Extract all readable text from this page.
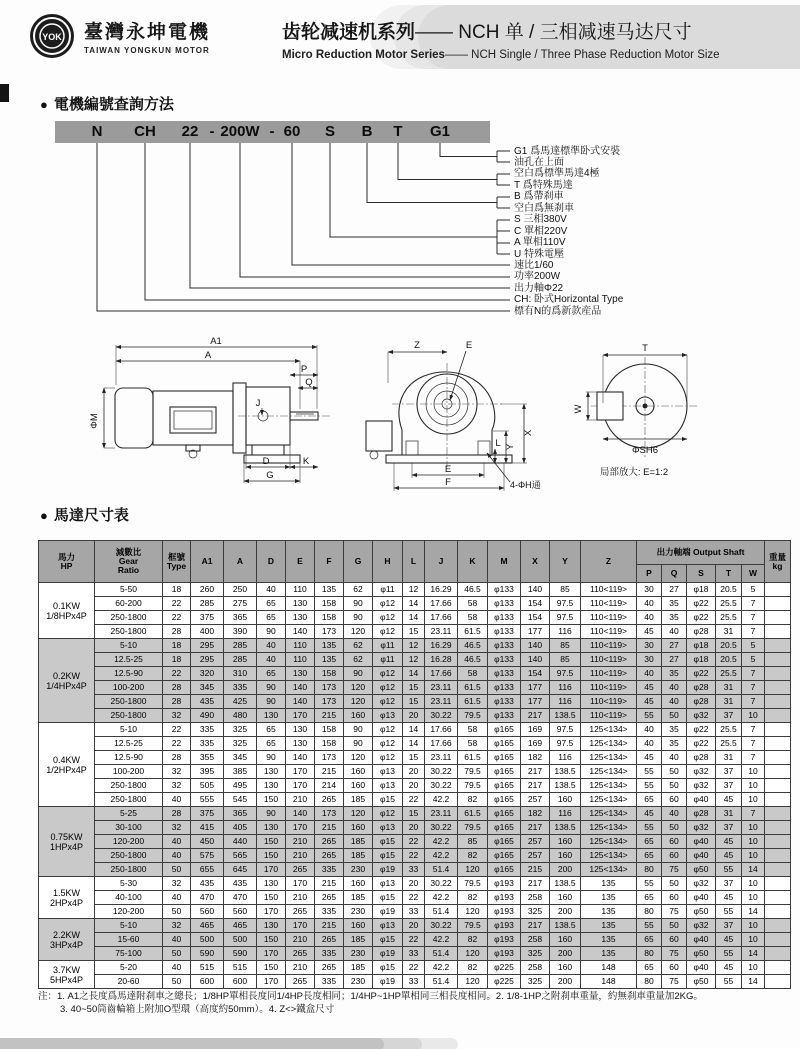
YOK 臺灣永坤電機
TAIWAN YONGKUN MOTOR
齿轮减速机系列—— NCH 单 / 三相减速马达尺寸
Micro Reduction Motor Series—— NCH Single / Three Phase Reduction Motor Size
● 電機編號查詢方法
N CH 22 - 200W - 60 S B T G1
G1 爲馬達標準卧式安裝
油孔在上面
空白爲標準馬達4極
T 爲特殊馬達
B 爲帶刹車
空白爲無刹車
S 三相380V
C 單相220V
A 單相110V
U 特殊電壓
速比1/60
功率200W
出力軸Φ22
CH: 卧式Horizontal Type
標有N的爲新款産品
A1
A
P
Q
ΦM
J
D	K
G
Z	E
X
Y
L
E
F	4-ΦH通
T
W
ΦSH6
局部放大: E=1:2
● 馬達尺寸表
馬力
HP

減數比
Gear
Ratio

框號
Type	A1	A	D	E	F	G	H	L	J	K	M	X	Y	Z

出力軸端 Output Shaft	重量
kg

																	P	Q	S	T	W	

0.1KW
1/8HPx4P	5-50	18	260	250	40	110	135	62	φ11	12	16.29	46.5	φ133	140	85	110<119>	30	27	φ18	20.5	5	
	60-200	22	285	275	65	130	158	90	φ12	14	17.66	58	φ133	154	97.5	110<119>	40	35	φ22	25.5	7	
	250-1800	22	375	365	65	130	158	90	φ12	14	17.66	58	φ133	154	97.5	110<119>	40	35	φ22	25.5	7	
	250-1800	28	400	390	90	140	173	120	φ12	15	23.11	61.5	φ133	177	116	110<119>	45	40	φ28	31	7	

0.2KW
1/4HPx4P	5-10	18	295	285	40	110	135	62	φ11	12	16.29	46.5	φ133	140	85	110<119>	30	27	φ18	20.5	5	
	12.5-25	18	295	285	40	110	135	62	φ11	12	16.28	46.5	φ133	140	85	110<119>	30	27	φ18	20.5	5	
	12.5-90	22	320	310	65	130	158	90	φ12	14	17.66	58	φ133	154	97.5	110<119>	40	35	φ22	25.5	7	
	100-200	28	345	335	90	140	173	120	φ12	15	23.11	61.5	φ133	177	116	110<119>	45	40	φ28	31	7	
	250-1800	28	435	425	90	140	173	120	φ12	15	23.11	61.5	φ133	177	116	110<119>	45	40	φ28	31	7	
	250-1800	32	490	480	130	170	215	160	φ13	20	30.22	79.5	φ133	217	138.5	110<119>	55	50	φ32	37	10	

0.4KW
1/2HPx4P	5-10	22	335	325	65	130	158	90	φ12	14	17.66	58	φ165	169	97.5	125<134>	40	35	φ22	25.5	7	
	12.5-25	22	335	325	65	130	158	90	φ12	14	17.66	58	φ165	169	97.5	125<134>	40	35	φ22	25.5	7	
	12.5-90	28	355	345	90	140	173	120	φ12	15	23.11	61.5	φ165	182	116	125<134>	45	40	φ28	31	7	
	100-200	32	395	385	130	170	215	160	φ13	20	30.22	79.5	φ165	217	138.5	125<134>	55	50	φ32	37	10	
	250-1800	32	505	495	130	170	214	160	φ13	20	30.22	79.5	φ165	217	138.5	125<134>	55	50	φ32	37	10	
	250-1800	40	555	545	150	210	265	185	φ15	22	42.2	82	φ165	257	160	125<134>	65	60	φ40	45	10	

0.75KW
1HPx4P	5-25	28	375	365	90	140	173	120	φ12	15	23.11	61.5	φ165	182	116	125<134>	45	40	φ28	31	7	
	30-100	32	415	405	130	170	215	160	φ13	20	30.22	79.5	φ165	217	138.5	125<134>	55	50	φ32	37	10	
	120-200	40	450	440	150	210	265	185	φ15	22	42.2	85	φ165	257	160	125<134>	65	60	φ40	45	10	
	250-1800	40	575	565	150	210	265	185	φ15	22	42.2	82	φ165	257	160	125<134>	65	60	φ40	45	10	
	250-1800	50	655	645	170	265	335	230	φ19	33	51.4	120	φ165	215	200	125<134>	80	75	φ50	55	14	

1.5KW
2HPx4P	5-30	32	435	435	130	170	215	160	φ13	20	30.22	79.5	φ193	217	138.5	135	55	50	φ32	37	10	
	40-100	40	470	470	150	210	265	185	φ15	22	42.2	82	φ193	258	160	135	65	60	φ40	45	10	
	120-200	50	560	560	170	265	335	230	φ19	33	51.4	120	φ193	325	200	135	80	75	φ50	55	14	

2.2KW
3HPx4P	5-10	32	465	465	130	170	215	160	φ13	20	30.22	79.5	φ193	217	138.5	135	55	50	φ32	37	10	
	15-60	40	500	500	150	210	265	185	φ15	22	42.2	82	φ193	258	160	135	65	60	φ40	45	10	
	75-100	50	590	590	170	265	335	230	φ19	33	51.4	120	φ193	325	200	135	80	75	φ50	55	14	

3.7KW
5HPx4P	5-20	40	515	515	150	210	265	185	φ15	22	42.2	82	φ225	258	160	148	65	60	φ40	45	10	
	20-60	50	600	600	170	265	335	230	φ19	33	51.4	120	φ225	325	200	148	80	75	φ50	55	14	
注：1. A1之長度爲馬達附刹車之總長；1/8HP單相長度同1/4HP長度相同；1/4HP~1HP單相同三相長度相同。2. 1/8-1HP之附刹車重量，約無刹車重量加2KG。
3. 40~50筒齒輪箱上附加O型環（高度約50mm）。4. Z<>鐵盒尺寸
